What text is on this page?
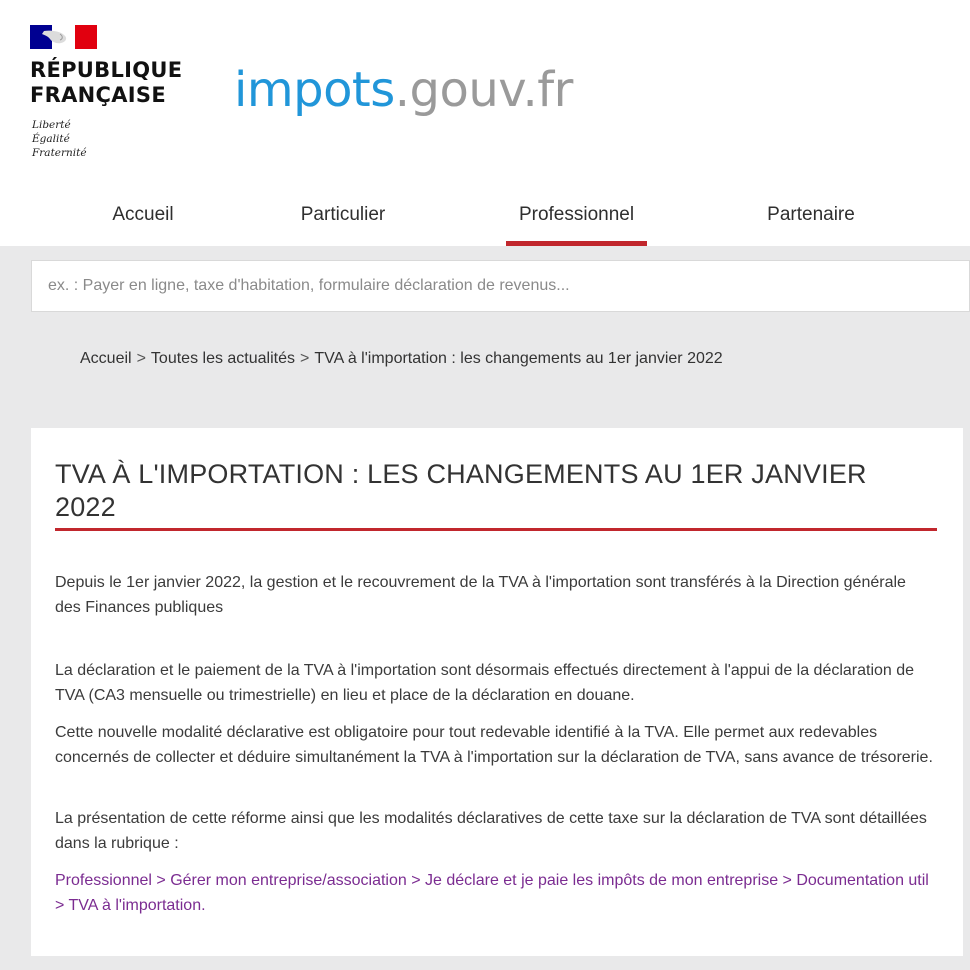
RÉPUBLIQUE
FRANÇAISE
Liberté
Égalité
Fraternité
impots.gouv.fr
Accueil	Particulier	Professionnel	Partenaire
ex. : Payer en ligne, taxe d'habitation, formulaire déclaration de revenus...
Accueil > Toutes les actualités > TVA à l'importation : les changements au 1er janvier 2022
TVA À L'IMPORTATION : LES CHANGEMENTS AU 1ER JANVIER 2022

Depuis le 1er janvier 2022, la gestion et le recouvrement de la TVA à l'importation sont transférés à la Direction générale des Finances publiques

La déclaration et le paiement de la TVA à l'importation sont désormais effectués directement à l'appui de la déclaration de TVA (CA3 mensuelle ou trimestrielle) en lieu et place de la déclaration en douane.

Cette nouvelle modalité déclarative est obligatoire pour tout redevable identifié à la TVA. Elle permet aux redevables concernés de collecter et déduire simultanément la TVA à l'importation sur la déclaration de TVA, sans avance de trésorerie.

La présentation de cette réforme ainsi que les modalités déclaratives de cette taxe sur la déclaration de TVA sont détaillées dans la rubrique :

Professionnel > Gérer mon entreprise/association > Je déclare et je paie les impôts de mon entreprise > Documentation util > TVA à l'importation.
